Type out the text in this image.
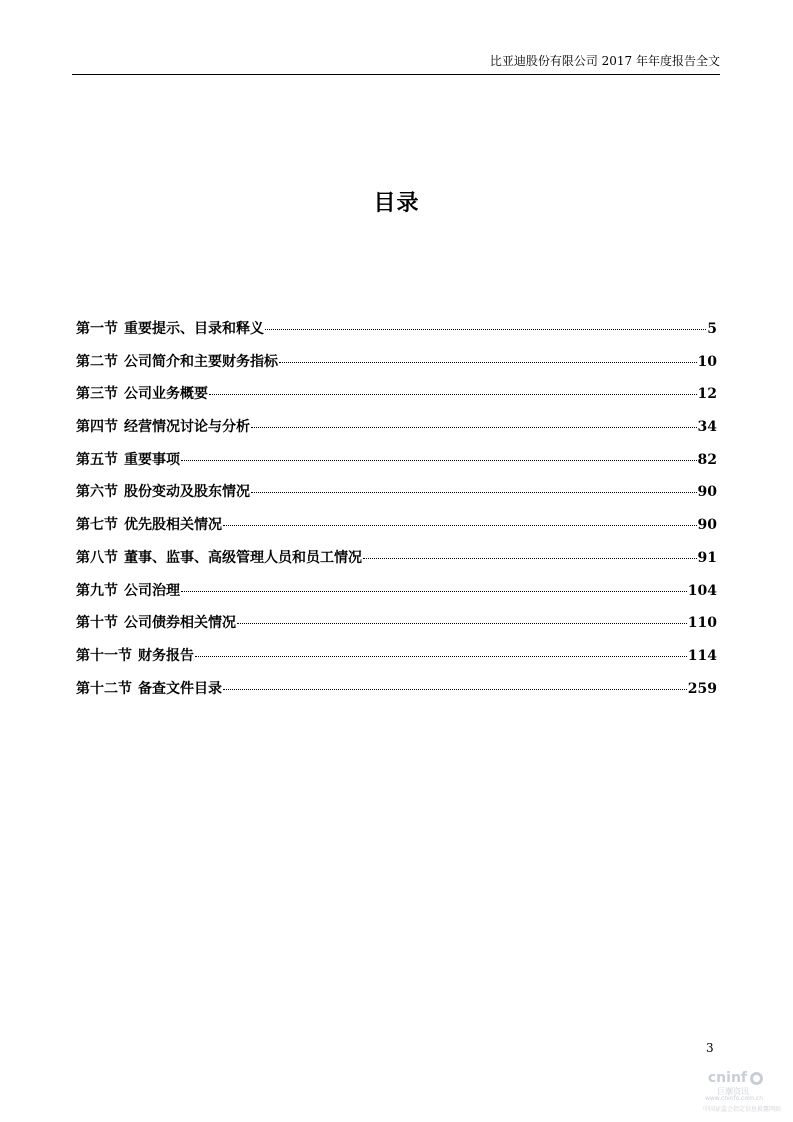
比亚迪股份有限公司 2017 年年度报告全文
目录
第一节 重要提示、目录和释义	5
第二节 公司简介和主要财务指标	10
第三节 公司业务概要	12
第四节 经营情况讨论与分析	34
第五节 重要事项	82
第六节 股份变动及股东情况	90
第七节 优先股相关情况	90
第八节 董事、监事、高级管理人员和员工情况	91
第九节 公司治理	104
第十节 公司债券相关情况	110
第十一节 财务报告	114
第十二节 备查文件目录	259
3
cninf
巨潮资讯
www.cninfo.com.cn
中国证监会指定信息披露网站
